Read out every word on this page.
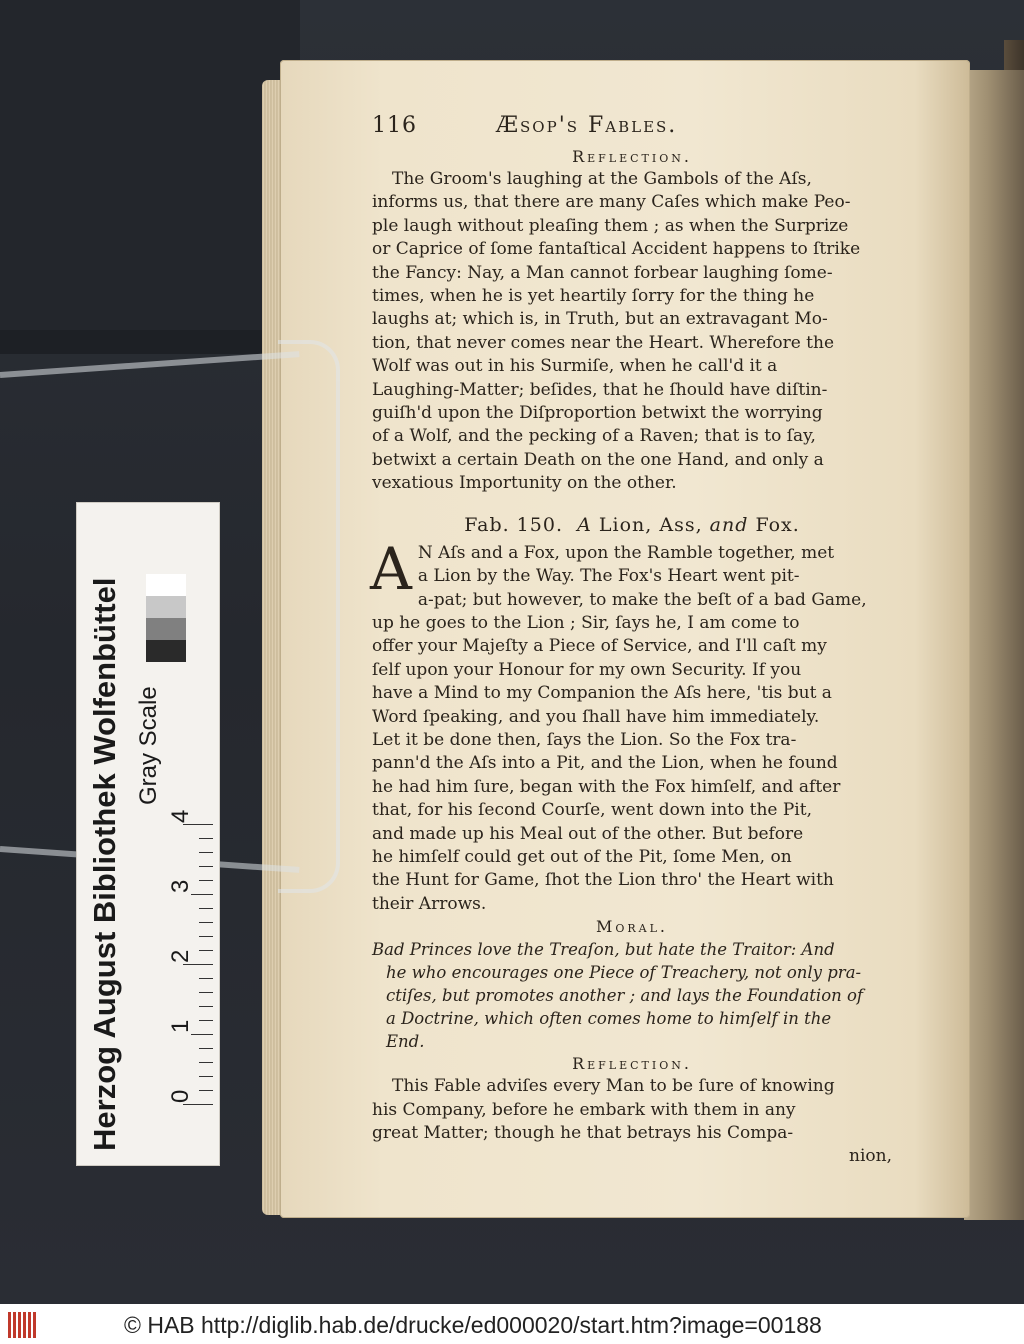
116	Æsop's Fables.

Reflection.

The Groom's laughing at the Gambols of the Aſs,

informs us, that there are many Caſes which make Peo-

ple laugh without pleaſing them ; as when the Surprize

or Caprice of ſome fantaſtical Accident happens to ſtrike

the Fancy: Nay, a Man cannot forbear laughing ſome-

times, when he is yet heartily ſorry for the thing he

laughs at; which is, in Truth, but an extravagant Mo-

tion, that never comes near the Heart. Wherefore the

Wolf was out in his Surmiſe, when he call'd it a

Laughing-Matter; beſides, that he ſhould have diſtin-

guiſh'd upon the Diſproportion betwixt the worrying

of a Wolf, and the pecking of a Raven; that is to ſay,

betwixt a certain Death on the one Hand, and only a

vexatious Importunity on the other.

Fab. 150. A Lion, Ass, and Fox.

A N Aſs and a Fox, upon the Ramble together, met

a Lion by the Way. The Fox's Heart went pit-

a-pat; but however, to make the beſt of a bad Game,

up he goes to the Lion ; Sir, ſays he, I am come to

offer your Majeſty a Piece of Service, and I'll caſt my

ſelf upon your Honour for my own Security. If you

have a Mind to my Companion the Aſs here, 'tis but a

Word ſpeaking, and you ſhall have him immediately.

Let it be done then, ſays the Lion. So the Fox tra-

pann'd the Aſs into a Pit, and the Lion, when he found

he had him ſure, began with the Fox himſelf, and after

that, for his ſecond Courſe, went down into the Pit,

and made up his Meal out of the other. But before

he himſelf could get out of the Pit, ſome Men, on

the Hunt for Game, ſhot the Lion thro' the Heart with

their Arrows.

Moral.

Bad Princes love the Treaſon, but hate the Traitor: And

he who encourages one Piece of Treachery, not only pra-

ctiſes, but promotes another ; and lays the Foundation of

a Doctrine, which often comes home to himſelf in the

End.

Reflection.

This Fable adviſes every Man to be ſure of knowing

his Company, before he embark with them in any

great Matter; though he that betrays his Compa-

nion,

Herzog August Bibliothek Wolfenbüttel Gray Scale
0
1
2
3
4
© HAB http://diglib.hab.de/drucke/ed000020/start.htm?image=00188
